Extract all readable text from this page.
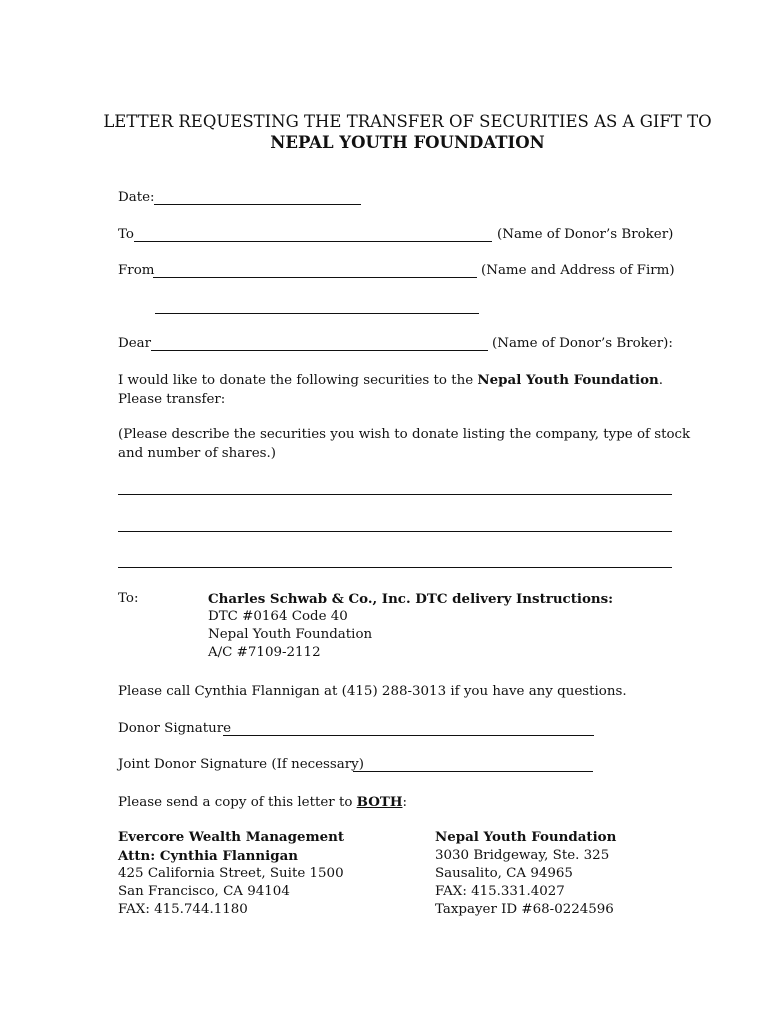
LETTER REQUESTING THE TRANSFER OF SECURITIES AS A GIFT TO
NEPAL YOUTH FOUNDATION
Date:
To	(Name of Donor’s Broker)
From	(Name and Address of Firm)
Dear	(Name of Donor’s Broker):
I would like to donate the following securities to the Nepal Youth Foundation. Please transfer:
(Please describe the securities you wish to donate listing the company, type of stock and number of shares.)
To:	Charles Schwab & Co., Inc. DTC delivery Instructions:
DTC #0164 Code 40
Nepal Youth Foundation
A/C #7109-2112
Please call Cynthia Flannigan at (415) 288-3013 if you have any questions.
Donor Signature
Joint Donor Signature (If necessary)
Please send a copy of this letter to BOTH:
Evercore Wealth Management
Attn: Cynthia Flannigan
425 California Street, Suite 1500
San Francisco, CA 94104
FAX: 415.744.1180
Nepal Youth Foundation
3030 Bridgeway, Ste. 325
Sausalito, CA 94965
FAX: 415.331.4027
Taxpayer ID #68-0224596
